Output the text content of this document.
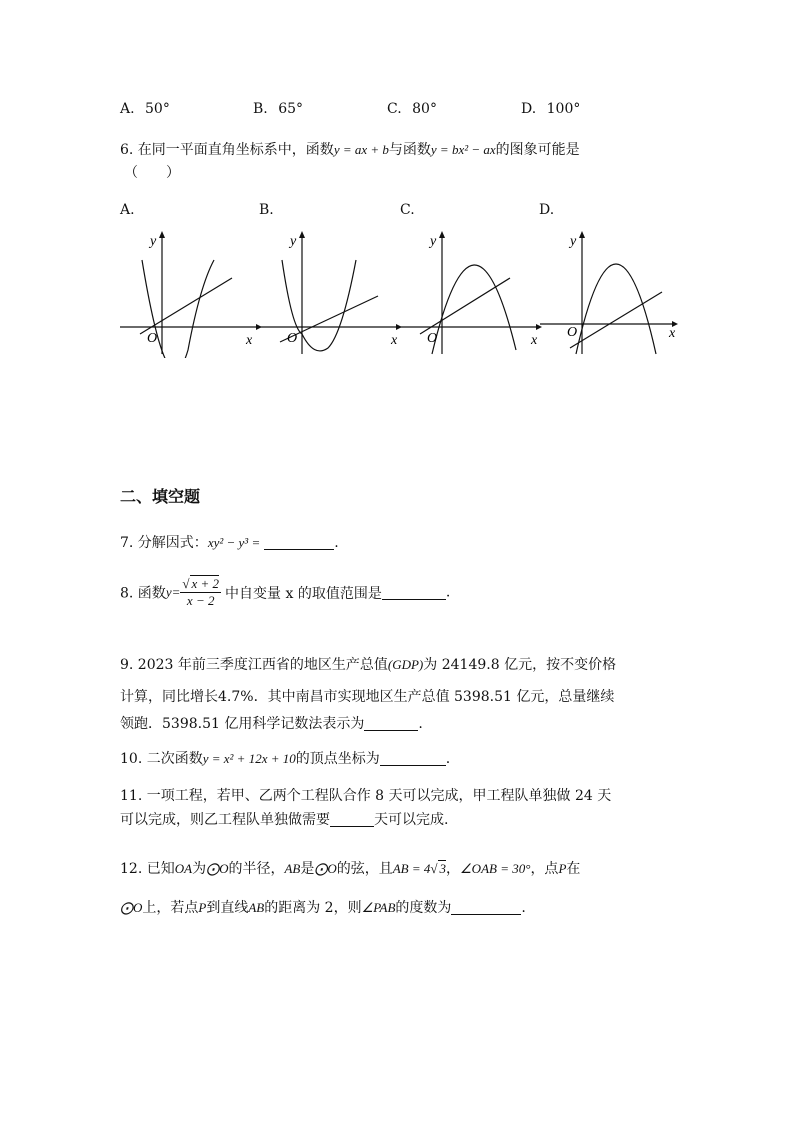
A. 50°	B. 65°	C. 80°	D. 100°
6. 在同一平面直角坐标系中，函数y = ax + b与函数y = bx² − ax的图象可能是
（　　）
A.	B.	C.	D.
y
x
O
y
x
O
y
x
O
y
x
O
二、填空题
7. 分解因式：xy² − y³ =	.
8. 函数$y= \frac{√ x + 2}{x - 2}$ 中自变量 x 的取值范围是	.
9. 2023 年前三季度江西省的地区生产总值(GDP)为 24149.8 亿元，按不变价格
计算，同比增长4.7%．其中南昌市实现地区生产总值 5398.51 亿元，总量继续
领跑．5398.51 亿用科学记数法表示为	.
10. 二次函数y = x² + 12x + 10的顶点坐标为	.
11. 一项工程，若甲、乙两个工程队合作 8 天可以完成，甲工程队单独做 24 天
可以完成，则乙工程队单独做需要	天可以完成.
12. 已知OA为⨀O的半径，AB是⨀O的弦，且AB = 4√ 3，∠OAB = 30°，点P在
⨀O上，若点P到直线AB的距离为 2，则∠PAB的度数为	.
